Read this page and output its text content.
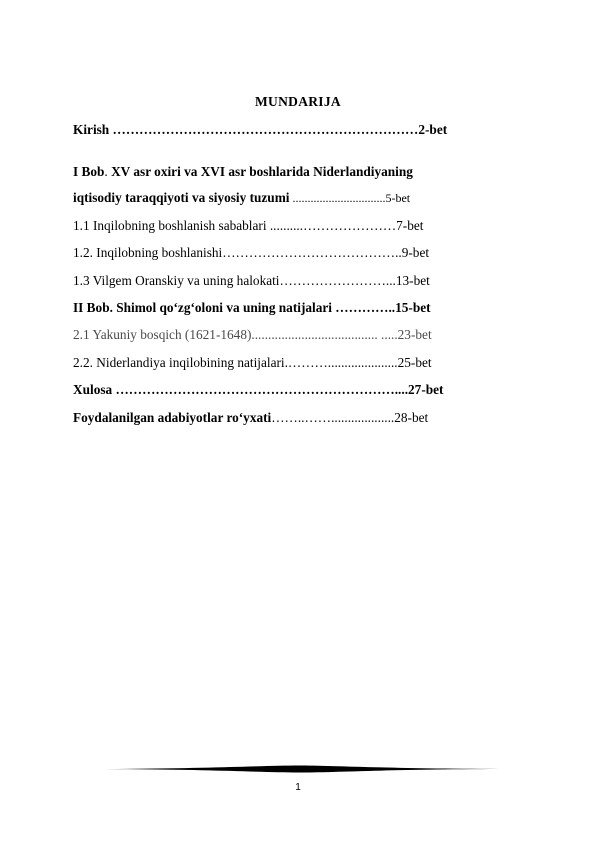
MUNDARIJA
Kirish ……………………………………………………………2-bet
I Bob. XV asr oxiri va XVI asr boshlarida Niderlandiyaning
iqtisodiy taraqqiyoti va siyosiy tuzumi ...............................5-bet
1.1 Inqilobning boshlanish sabablari ..........…………………7-bet
1.2. Inqilobning boshlanishi…………………………………..9-bet
1.3 Vilgem Oranskiy va uning halokati……………………...13-bet
II Bob. Shimol qo‘zg‘oloni va uning natijalari …………..15-bet
2.1 Yakuniy bosqich (1621-1648)...................................... .....23-bet
2.2. Niderlandiya inqilobining natijalari.……….....................25-bet
Xulosa ………………………………………………………....27-bet
Foydalanilgan adabiyotlar ro‘yxati……..……...................28-bet
1
